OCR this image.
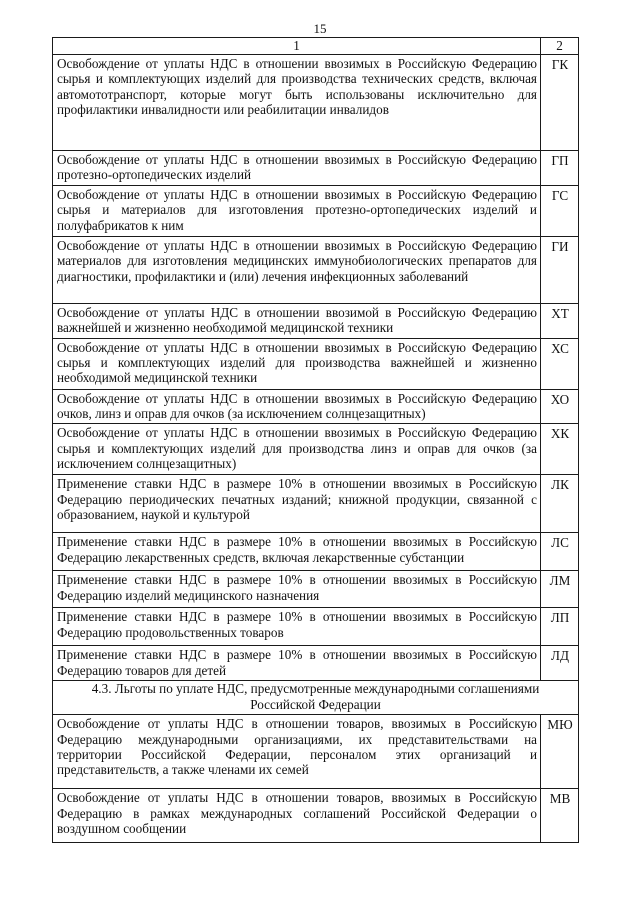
15
1	2
Освобождение от уплаты НДС в отношении ввозимых в Российскую Федерацию сырья и комплектующих изделий для производства технических средств, включая автомототранспорт, которые могут быть использованы исключительно для профилактики инвалидности или реабилитации инвалидов	ГК
Освобождение от уплаты НДС в отношении ввозимых в Российскую Федерацию протезно-ортопедических изделий	ГП
Освобождение от уплаты НДС в отношении ввозимых в Российскую Федерацию сырья и материалов для изготовления протезно-ортопедических изделий и полуфабрикатов к ним	ГС
Освобождение от уплаты НДС в отношении ввозимых в Российскую Федерацию материалов для изготовления медицинских иммунобиологических препаратов для диагностики, профилактики и (или) лечения инфекционных заболеваний	ГИ
Освобождение от уплаты НДС в отношении ввозимой в Российскую Федерацию важнейшей и жизненно необходимой медицинской техники	ХТ
Освобождение от уплаты НДС в отношении ввозимых в Российскую Федерацию сырья и комплектующих изделий для производства важнейшей и жизненно необходимой медицинской техники	ХС
Освобождение от уплаты НДС в отношении ввозимых в Российскую Федерацию очков, линз и оправ для очков (за исключением солнцезащитных)	ХО
Освобождение от уплаты НДС в отношении ввозимых в Российскую Федерацию сырья и комплектующих изделий для производства линз и оправ для очков (за исключением солнцезащитных)	ХК
Применение ставки НДС в размере 10% в отношении ввозимых в Российскую Федерацию периодических печатных изданий; книжной продукции, связанной с образованием, наукой и культурой	ЛК
Применение ставки НДС в размере 10% в отношении ввозимых в Российскую Федерацию лекарственных средств, включая лекарственные субстанции	ЛС
Применение ставки НДС в размере 10% в отношении ввозимых в Российскую Федерацию изделий медицинского назначения	ЛМ
Применение ставки НДС в размере 10% в отношении ввозимых в Российскую Федерацию продовольственных товаров	ЛП
Применение ставки НДС в размере 10% в отношении ввозимых в Российскую Федерацию товаров для детей	ЛД
4.3. Льготы по уплате НДС, предусмотренные международными соглашениями Российской Федерации	
Освобождение от уплаты НДС в отношении товаров, ввозимых в Российскую Федерацию международными организациями, их представительствами на территории Российской Федерации, персоналом этих организаций и представительств, а также членами их семей	МЮ
Освобождение от уплаты НДС в отношении товаров, ввозимых в Российскую Федерацию в рамках международных соглашений Российской Федерации о воздушном сообщении	МВ
